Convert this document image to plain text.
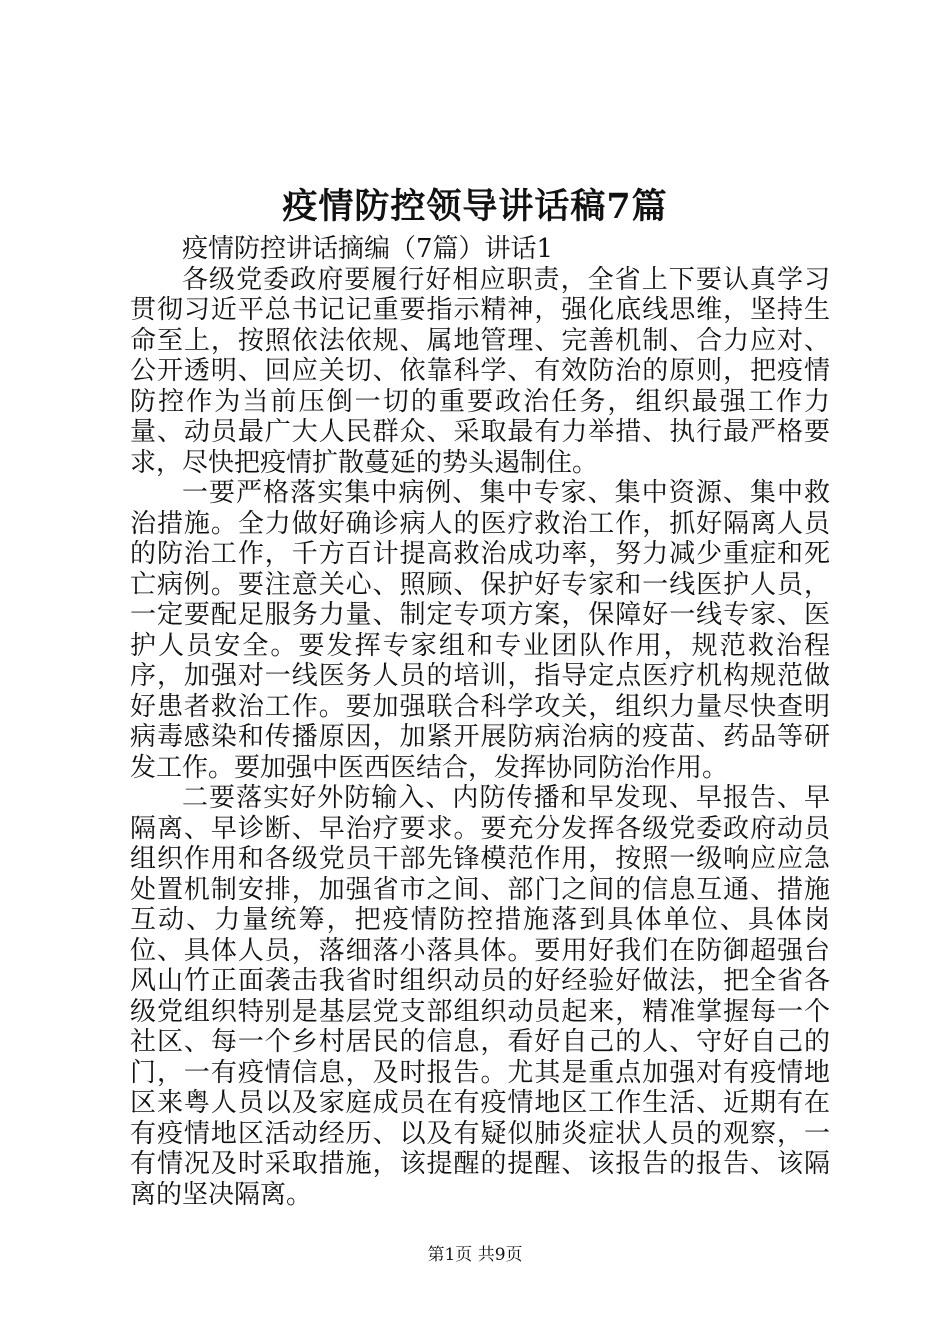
疫情防控领导讲话稿7篇

疫情防控讲话摘编（7篇）讲话1

各级党委政府要履行好相应职责，全省上下要认真学习贯彻习近平总书记记重要指示精神，强化底线思维，坚持生命至上，按照依法依规、属地管理、完善机制、合力应对、公开透明、回应关切、依靠科学、有效防治的原则，把疫情防控作为当前压倒一切的重要政治任务，组织最强工作力量、动员最广大人民群众、采取最有力举措、执行最严格要求，尽快把疫情扩散蔓延的势头遏制住。

一要严格落实集中病例、集中专家、集中资源、集中救治措施。全力做好确诊病人的医疗救治工作，抓好隔离人员的防治工作，千方百计提高救治成功率，努力减少重症和死亡病例。要注意关心、照顾、保护好专家和一线医护人员，一定要配足服务力量、制定专项方案，保障好一线专家、医护人员安全。要发挥专家组和专业团队作用，规范救治程序，加强对一线医务人员的培训，指导定点医疗机构规范做好患者救治工作。要加强联合科学攻关，组织力量尽快查明病毒感染和传播原因，加紧开展防病治病的疫苗、药品等研发工作。要加强中医西医结合，发挥协同防治作用。

二要落实好外防输入、内防传播和早发现、早报告、早隔离、早诊断、早治疗要求。要充分发挥各级党委政府动员组织作用和各级党员干部先锋模范作用，按照一级响应应急处置机制安排，加强省市之间、部门之间的信息互通、措施互动、力量统筹，把疫情防控措施落到具体单位、具体岗位、具体人员，落细落小落具体。要用好我们在防御超强台风山竹正面袭击我省时组织动员的好经验好做法，把全省各级党组织特别是基层党支部组织动员起来，精准掌握每一个社区、每一个乡村居民的信息，看好自己的人、守好自己的门，一有疫情信息，及时报告。尤其是重点加强对有疫情地区来粤人员以及家庭成员在有疫情地区工作生活、近期有在有疫情地区活动经历、以及有疑似肺炎症状人员的观察，一有情况及时采取措施，该提醒的提醒、该报告的报告、该隔离的坚决隔离。

第1页 共9页
